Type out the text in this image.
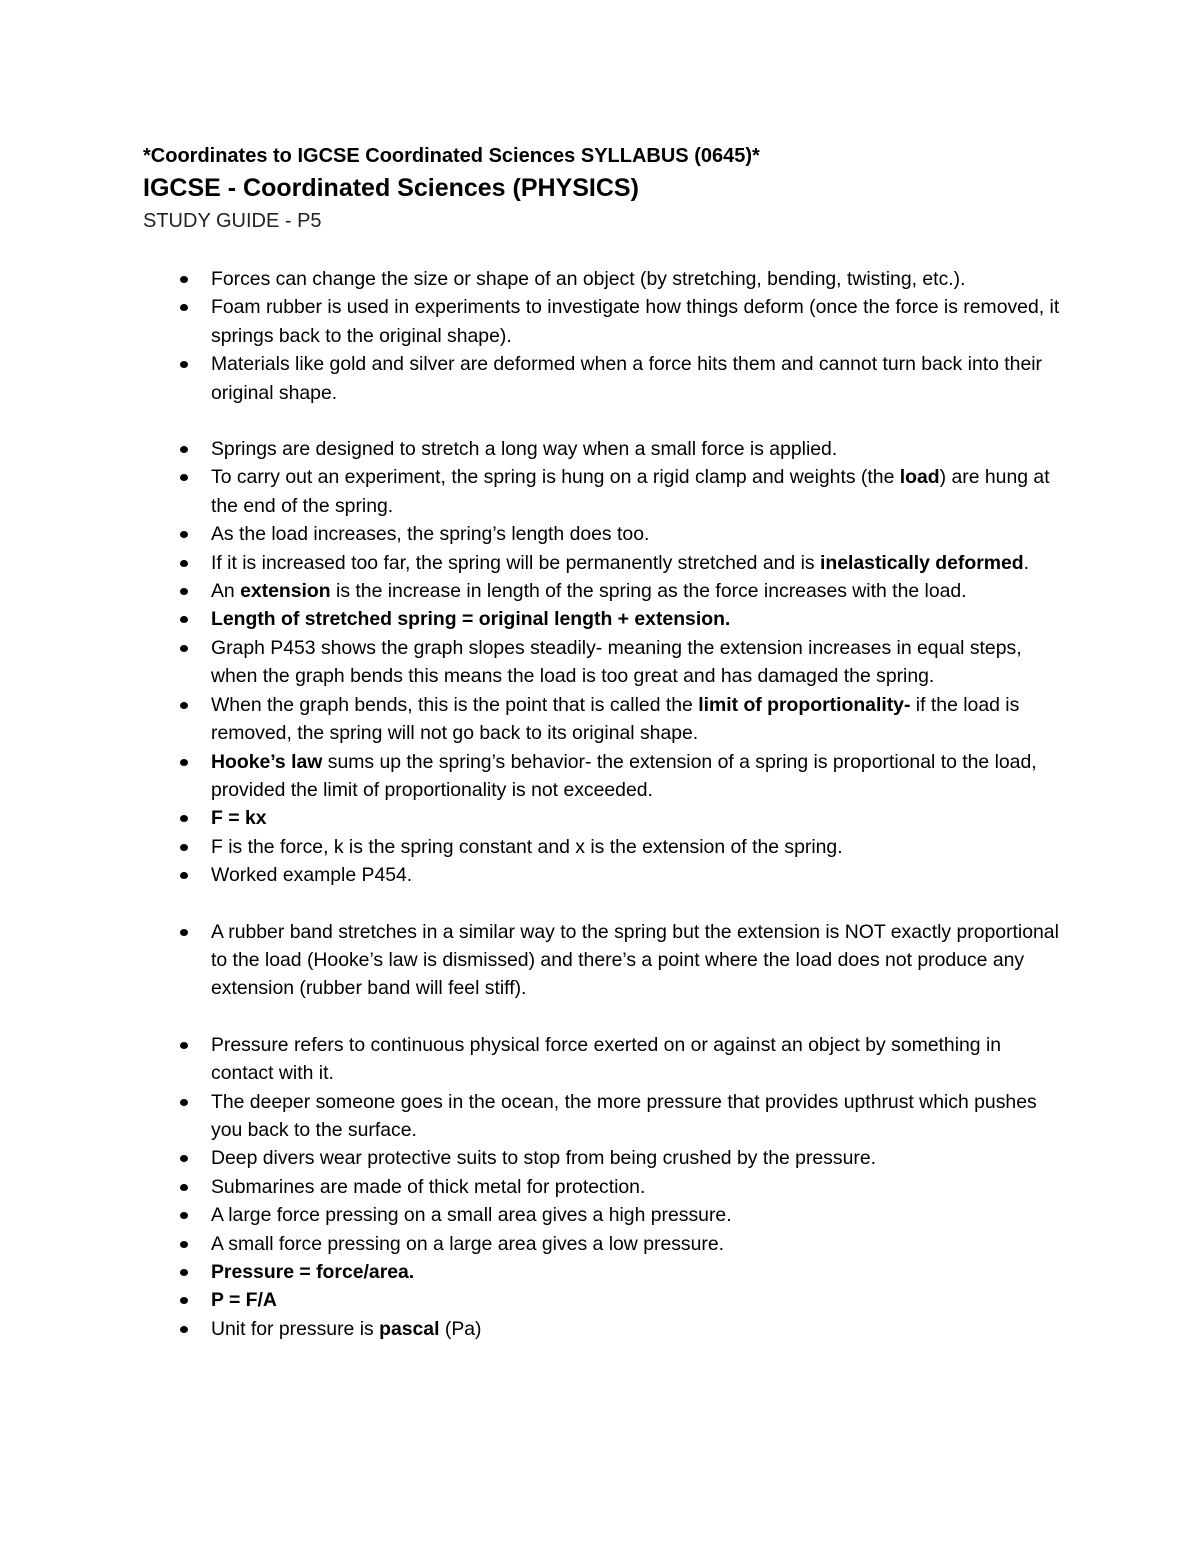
*Coordinates to IGCSE Coordinated Sciences SYLLABUS (0645)*

IGCSE - Coordinated Sciences (PHYSICS)

STUDY GUIDE - P5

Forces can change the size or shape of an object (by stretching, bending, twisting, etc.).
Foam rubber is used in experiments to investigate how things deform (once the force is removed, it springs back to the original shape).
Materials like gold and silver are deformed when a force hits them and cannot turn back into their original shape.
Springs are designed to stretch a long way when a small force is applied.
To carry out an experiment, the spring is hung on a rigid clamp and weights (the load) are hung at the end of the spring.
As the load increases, the spring’s length does too.
If it is increased too far, the spring will be permanently stretched and is inelastically deformed.
An extension is the increase in length of the spring as the force increases with the load.
Length of stretched spring = original length + extension.
Graph P453 shows the graph slopes steadily- meaning the extension increases in equal steps, when the graph bends this means the load is too great and has damaged the spring.
When the graph bends, this is the point that is called the limit of proportionality- if the load is removed, the spring will not go back to its original shape.
Hooke’s law sums up the spring’s behavior- the extension of a spring is proportional to the load, provided the limit of proportionality is not exceeded.
F = kx
F is the force, k is the spring constant and x is the extension of the spring.
Worked example P454.
A rubber band stretches in a similar way to the spring but the extension is NOT exactly proportional to the load (Hooke’s law is dismissed) and there’s a point where the load does not produce any extension (rubber band will feel stiff).
Pressure refers to continuous physical force exerted on or against an object by something in contact with it.
The deeper someone goes in the ocean, the more pressure that provides upthrust which pushes you back to the surface.
Deep divers wear protective suits to stop from being crushed by the pressure.
Submarines are made of thick metal for protection.
A large force pressing on a small area gives a high pressure.
A small force pressing on a large area gives a low pressure.
Pressure = force/area.
P = F/A
Unit for pressure is pascal (Pa)
